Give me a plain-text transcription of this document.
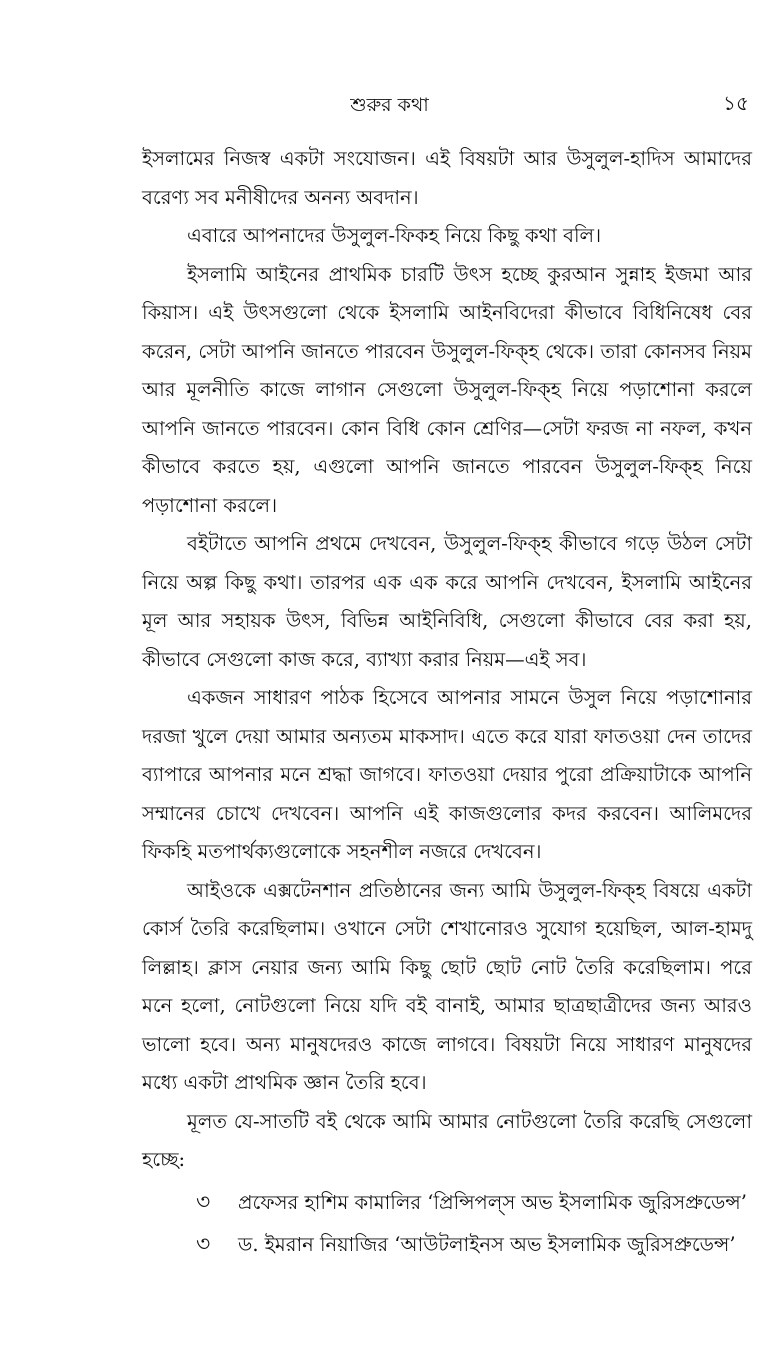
শুরুর কথা	১৫

ইসলামের নিজস্ব একটা সংযোজন। এই বিষয়টা আর উসুলুল-হাদিস আমাদের বরেণ্য সব মনীষীদের অনন্য অবদান।

এবারে আপনাদের উসুলুল-ফিকহ নিয়ে কিছু কথা বলি।

ইসলামি আইনের প্রাথমিক চারটি উৎস হচ্ছে কুরআন সুন্নাহ ইজমা আর কিয়াস। এই উৎসগুলো থেকে ইসলামি আইনবিদেরা কীভাবে বিধিনিষেধ বের করেন, সেটা আপনি জানতে পারবেন উসুলুল-ফিক্‌হ থেকে। তারা কোনসব নিয়ম আর মূলনীতি কাজে লাগান সেগুলো উসুলুল-ফিক্‌হ নিয়ে পড়াশোনা করলে আপনি জানতে পারবেন। কোন বিধি কোন শ্রেণির—সেটা ফরজ না নফল, কখন কীভাবে করতে হয়, এগুলো আপনি জানতে পারবেন উসুলুল-ফিক্‌হ নিয়ে পড়াশোনা করলে।

বইটাতে আপনি প্রথমে দেখবেন, উসুলুল-ফিক্‌হ কীভাবে গড়ে উঠল সেটা নিয়ে অল্প কিছু কথা। তারপর এক এক করে আপনি দেখবেন, ইসলামি আইনের মূল আর সহায়ক উৎস, বিভিন্ন আইনিবিধি, সেগুলো কীভাবে বের করা হয়, কীভাবে সেগুলো কাজ করে, ব্যাখ্যা করার নিয়ম—এই সব।

একজন সাধারণ পাঠক হিসেবে আপনার সামনে উসুল নিয়ে পড়াশোনার দরজা খুলে দেয়া আমার অন্যতম মাকসাদ। এতে করে যারা ফাতওয়া দেন তাদের ব্যাপারে আপনার মনে শ্রদ্ধা জাগবে। ফাতওয়া দেয়ার পুরো প্রক্রিয়াটাকে আপনি সম্মানের চোখে দেখবেন। আপনি এই কাজগুলোর কদর করবেন। আলিমদের ফিকহি মতপার্থক্যগুলোকে সহনশীল নজরে দেখবেন।

আইওকে এক্সটেনশান প্রতিষ্ঠানের জন্য আমি উসুলুল-ফিক্‌হ বিষয়ে একটা কোর্স তৈরি করেছিলাম। ওখানে সেটা শেখানোরও সুযোগ হয়েছিল, আল-হামদু লিল্লাহ। ক্লাস নেয়ার জন্য আমি কিছু ছোট ছোট নোট তৈরি করেছিলাম। পরে মনে হলো, নোটগুলো নিয়ে যদি বই বানাই, আমার ছাত্রছাত্রীদের জন্য আরও ভালো হবে। অন্য মানুষদেরও কাজে লাগবে। বিষয়টা নিয়ে সাধারণ মানুষদের মধ্যে একটা প্রাথমিক জ্ঞান তৈরি হবে।

মূলত যে-সাতটি বই থেকে আমি আমার নোটগুলো তৈরি করেছি সেগুলো হচ্ছে:

৩ প্রফেসর হাশিম কামালির ‘প্রিন্সিপল্‌স অভ ইসলামিক জুরিসপ্রুডেন্স’
৩ ড. ইমরান নিয়াজির ‘আউটলাইনস অভ ইসলামিক জুরিসপ্রুডেন্স’
